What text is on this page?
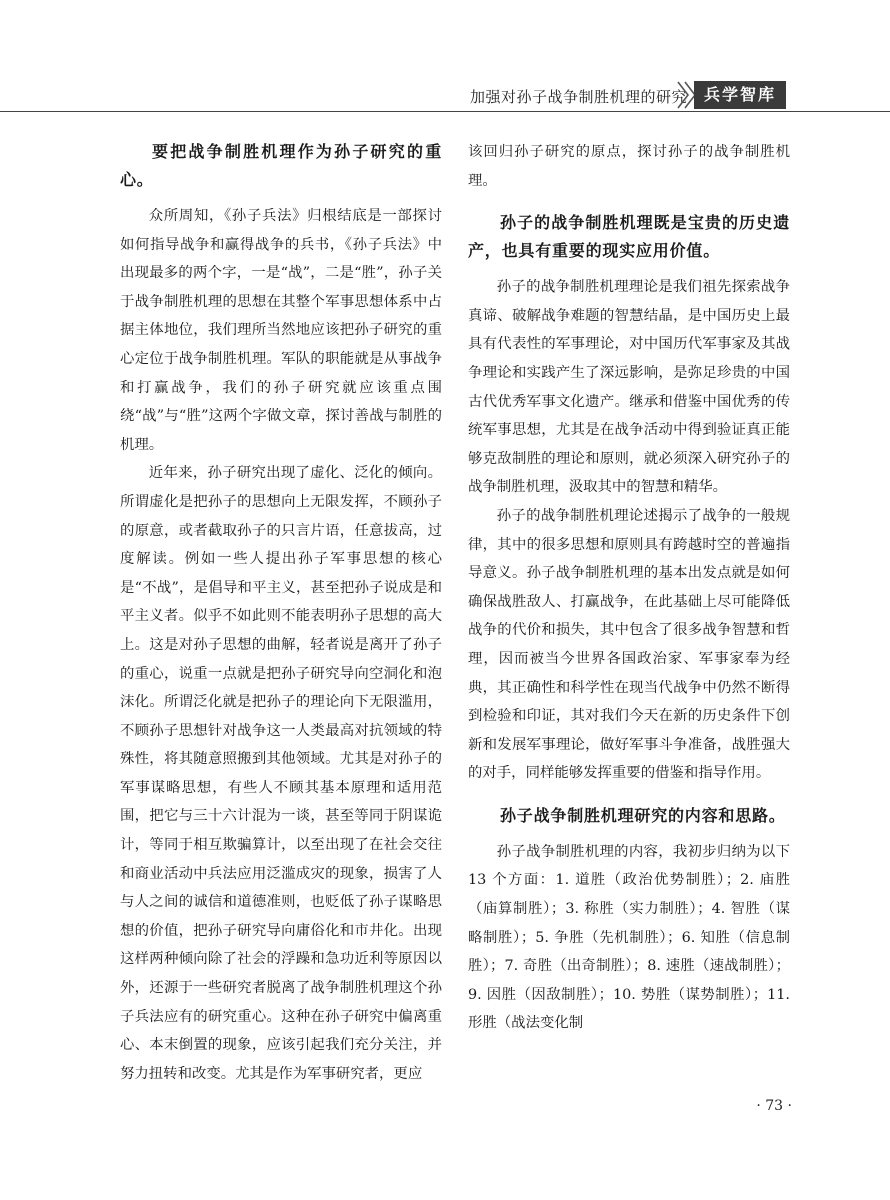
加强对孙子战争制胜机理的研究	兵学智库
要把战争制胜机理作为孙子研究的重心。

众所周知，《孙子兵法》归根结底是一部探讨如何指导战争和赢得战争的兵书，《孙子兵法》中出现最多的两个字，一是“战”，二是“胜”，孙子关于战争制胜机理的思想在其整个军事思想体系中占据主体地位，我们理所当然地应该把孙子研究的重心定位于战争制胜机理。军队的职能就是从事战争和打赢战争，我们的孙子研究就应该重点围绕“战”与“胜”这两个字做文章，探讨善战与制胜的机理。

近年来，孙子研究出现了虚化、泛化的倾向。所谓虚化是把孙子的思想向上无限发挥，不顾孙子的原意，或者截取孙子的只言片语，任意拔高，过度解读。例如一些人提出孙子军事思想的核心是“不战”，是倡导和平主义，甚至把孙子说成是和平主义者。似乎不如此则不能表明孙子思想的高大上。这是对孙子思想的曲解，轻者说是离开了孙子的重心，说重一点就是把孙子研究导向空洞化和泡沫化。所谓泛化就是把孙子的理论向下无限滥用，不顾孙子思想针对战争这一人类最高对抗领域的特殊性，将其随意照搬到其他领域。尤其是对孙子的军事谋略思想，有些人不顾其基本原理和适用范围，把它与三十六计混为一谈，甚至等同于阴谋诡计，等同于相互欺骗算计，以至出现了在社会交往和商业活动中兵法应用泛滥成灾的现象，损害了人与人之间的诚信和道德准则，也贬低了孙子谋略思想的价值，把孙子研究导向庸俗化和市井化。出现这样两种倾向除了社会的浮躁和急功近利等原因以外，还源于一些研究者脱离了战争制胜机理这个孙子兵法应有的研究重心。这种在孙子研究中偏离重心、本末倒置的现象，应该引起我们充分关注，并努力扭转和改变。尤其是作为军事研究者，更应

该回归孙子研究的原点，探讨孙子的战争制胜机理。

孙子的战争制胜机理既是宝贵的历史遗产，也具有重要的现实应用价值。

孙子的战争制胜机理理论是我们祖先探索战争真谛、破解战争难题的智慧结晶，是中国历史上最具有代表性的军事理论，对中国历代军事家及其战争理论和实践产生了深远影响，是弥足珍贵的中国古代优秀军事文化遗产。继承和借鉴中国优秀的传统军事思想，尤其是在战争活动中得到验证真正能够克敌制胜的理论和原则，就必须深入研究孙子的战争制胜机理，汲取其中的智慧和精华。

孙子的战争制胜机理论述揭示了战争的一般规律，其中的很多思想和原则具有跨越时空的普遍指导意义。孙子战争制胜机理的基本出发点就是如何确保战胜敌人、打赢战争，在此基础上尽可能降低战争的代价和损失，其中包含了很多战争智慧和哲理，因而被当今世界各国政治家、军事家奉为经典，其正确性和科学性在现当代战争中仍然不断得到检验和印证，其对我们今天在新的历史条件下创新和发展军事理论，做好军事斗争准备，战胜强大的对手，同样能够发挥重要的借鉴和指导作用。

孙子战争制胜机理研究的内容和思路。

孙子战争制胜机理的内容，我初步归纳为以下 13 个方面：1. 道胜（政治优势制胜）；2. 庙胜（庙算制胜）；3. 称胜（实力制胜）；4. 智胜（谋略制胜）；5. 争胜（先机制胜）；6. 知胜（信息制胜）；7. 奇胜（出奇制胜）；8. 速胜（速战制胜）；9. 因胜（因敌制胜）；10. 势胜（谋势制胜）；11. 形胜（战法变化制

· 73 ·
